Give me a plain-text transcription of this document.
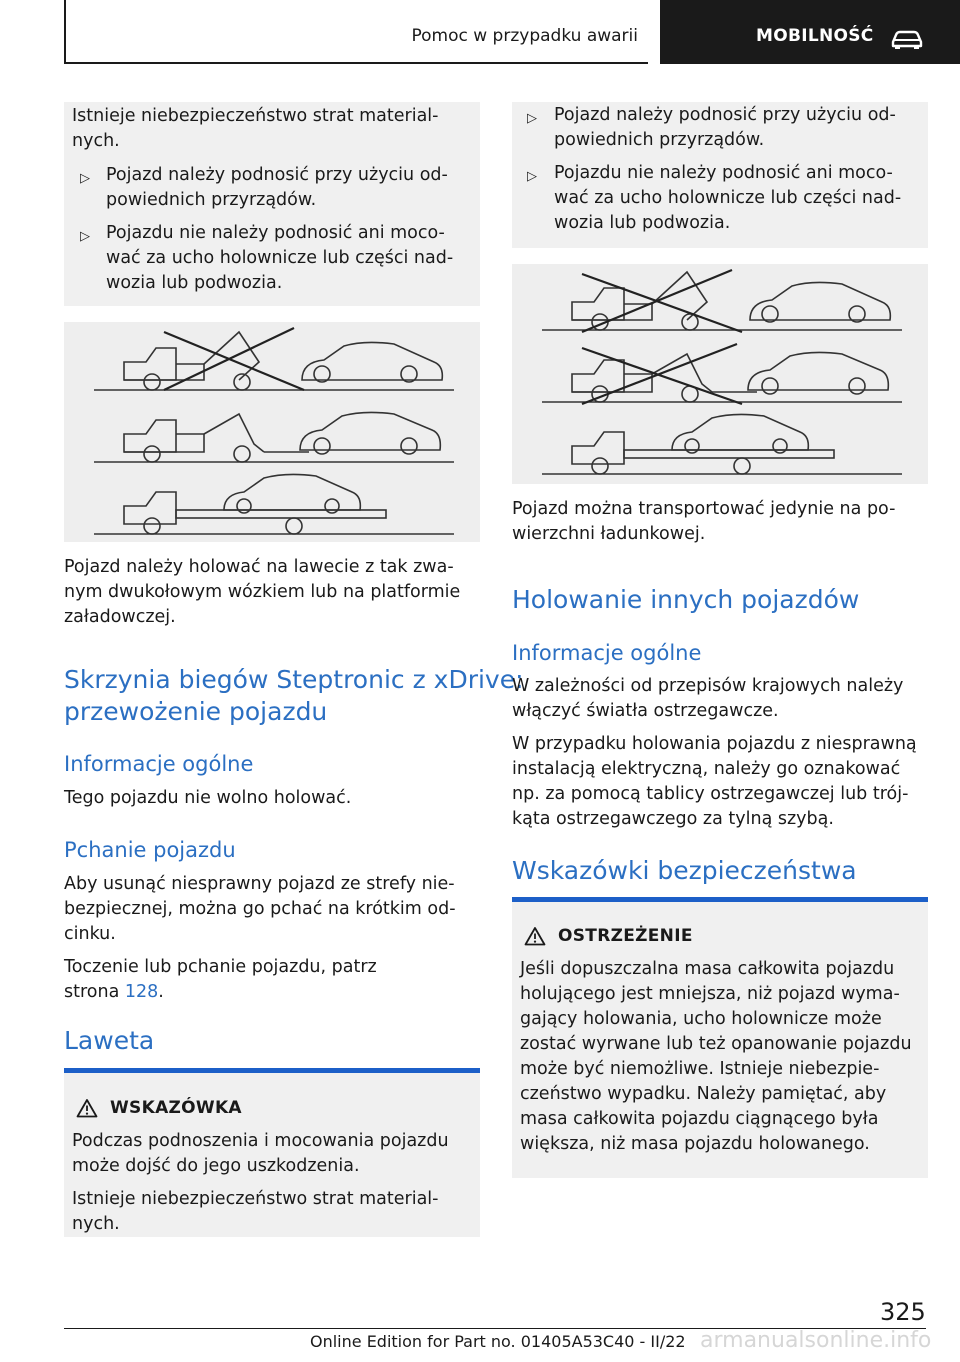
Pomoc w przypadku awarii	MOBILNOŚĆ
Istnieje niebezpieczeństwo strat material-
nych.
▷ Pojazd należy podnosić przy użyciu od-
powiednich przyrządów.
▷ Pojazdu nie należy podnosić ani moco-
wać za ucho holownicze lub części nad-
wozia lub podwozia.
Pojazd należy holować na lawecie z tak zwa-
nym dwukołowym wózkiem lub na platformie
załadowczej.
Skrzynia biegów Steptronic z xDrive:
przewożenie pojazdu
Informacje ogólne
Tego pojazdu nie wolno holować.
Pchanie pojazdu
Aby usunąć niesprawny pojazd ze strefy nie-
bezpiecznej, można go pchać na krótkim od-
cinku.
Toczenie lub pchanie pojazdu, patrz
strona 128.
Laweta
WSKAZÓWKA
Podczas podnoszenia i mocowania pojazdu
może dojść do jego uszkodzenia.
Istnieje niebezpieczeństwo strat material-
nych.
▷ Pojazd należy podnosić przy użyciu od-
powiednich przyrządów.
▷ Pojazdu nie należy podnosić ani moco-
wać za ucho holownicze lub części nad-
wozia lub podwozia.
Pojazd można transportować jedynie na po-
wierzchni ładunkowej.
Holowanie innych pojazdów
Informacje ogólne
W zależności od przepisów krajowych należy
włączyć światła ostrzegawcze.
W przypadku holowania pojazdu z niesprawną
instalacją elektryczną, należy go oznakować
np. za pomocą tablicy ostrzegawczej lub trój-
kąta ostrzegawczego za tylną szybą.
Wskazówki bezpieczeństwa
OSTRZEŻENIE
Jeśli dopuszczalna masa całkowita pojazdu
holującego jest mniejsza, niż pojazd wyma-
gający holowania, ucho holownicze może
zostać wyrwane lub też opanowanie pojazdu
może być niemożliwe. Istnieje niebezpie-
czeństwo wypadku. Należy pamiętać, aby
masa całkowita pojazdu ciągnącego była
większa, niż masa pojazdu holowanego.
325
Online Edition for Part no. 01405A53C40 - II/22 armanualsonline.info
